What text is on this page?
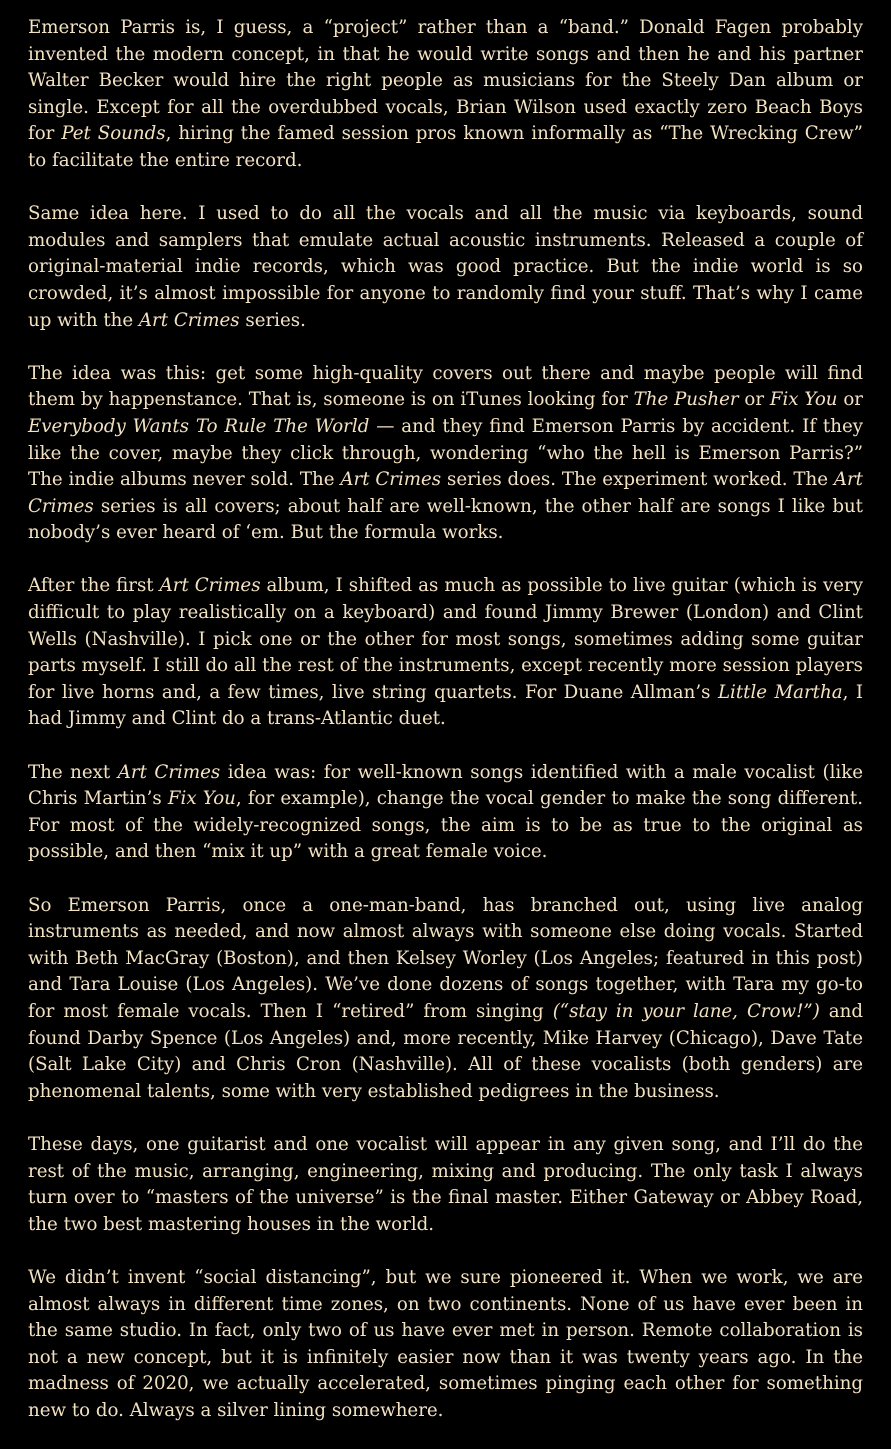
Emerson Parris is, I guess, a “project” rather than a “band.” Donald Fagen probably invented the modern concept, in that he would write songs and then he and his partner Walter Becker would hire the right people as musicians for the Steely Dan album or single. Except for all the overdubbed vocals, Brian Wilson used exactly zero Beach Boys for Pet Sounds, hiring the famed session pros known informally as “The Wrecking Crew” to facilitate the entire record.

Same idea here. I used to do all the vocals and all the music via keyboards, sound modules and samplers that emulate actual acoustic instruments. Released a couple of original-material indie records, which was good practice. But the indie world is so crowded, it’s almost impossible for anyone to randomly find your stuff. That’s why I came up with the Art Crimes series.

The idea was this: get some high-quality covers out there and maybe people will find them by happenstance. That is, someone is on iTunes looking for The Pusher or Fix You or Everybody Wants To Rule The World — and they find Emerson Parris by accident. If they like the cover, maybe they click through, wondering “who the hell is Emerson Parris?” The indie albums never sold. The Art Crimes series does. The experiment worked. The Art Crimes series is all covers; about half are well-known, the other half are songs I like but nobody’s ever heard of ‘em. But the formula works.

After the first Art Crimes album, I shifted as much as possible to live guitar (which is very difficult to play realistically on a keyboard) and found Jimmy Brewer (London) and Clint Wells (Nashville). I pick one or the other for most songs, sometimes adding some guitar parts myself. I still do all the rest of the instruments, except recently more session players for live horns and, a few times, live string quartets. For Duane Allman’s Little Martha, I had Jimmy and Clint do a trans-Atlantic duet.

The next Art Crimes idea was: for well-known songs identified with a male vocalist (like Chris Martin’s Fix You, for example), change the vocal gender to make the song different. For most of the widely-recognized songs, the aim is to be as true to the original as possible, and then “mix it up” with a great female voice.

So Emerson Parris, once a one-man-band, has branched out, using live analog instruments as needed, and now almost always with someone else doing vocals. Started with Beth MacGray (Boston), and then Kelsey Worley (Los Angeles; featured in this post) and Tara Louise (Los Angeles). We’ve done dozens of songs together, with Tara my go-to for most female vocals. Then I “retired” from singing (“stay in your lane, Crow!”) and found Darby Spence (Los Angeles) and, more recently, Mike Harvey (Chicago), Dave Tate (Salt Lake City) and Chris Cron (Nashville). All of these vocalists (both genders) are phenomenal talents, some with very established pedigrees in the business.

These days, one guitarist and one vocalist will appear in any given song, and I’ll do the rest of the music, arranging, engineering, mixing and producing. The only task I always turn over to “masters of the universe” is the final master. Either Gateway or Abbey Road, the two best mastering houses in the world.

We didn’t invent “social distancing”, but we sure pioneered it. When we work, we are almost always in different time zones, on two continents. None of us have ever been in the same studio. In fact, only two of us have ever met in person. Remote collaboration is not a new concept, but it is infinitely easier now than it was twenty years ago. In the madness of 2020, we actually accelerated, sometimes pinging each other for something new to do. Always a silver lining somewhere.
